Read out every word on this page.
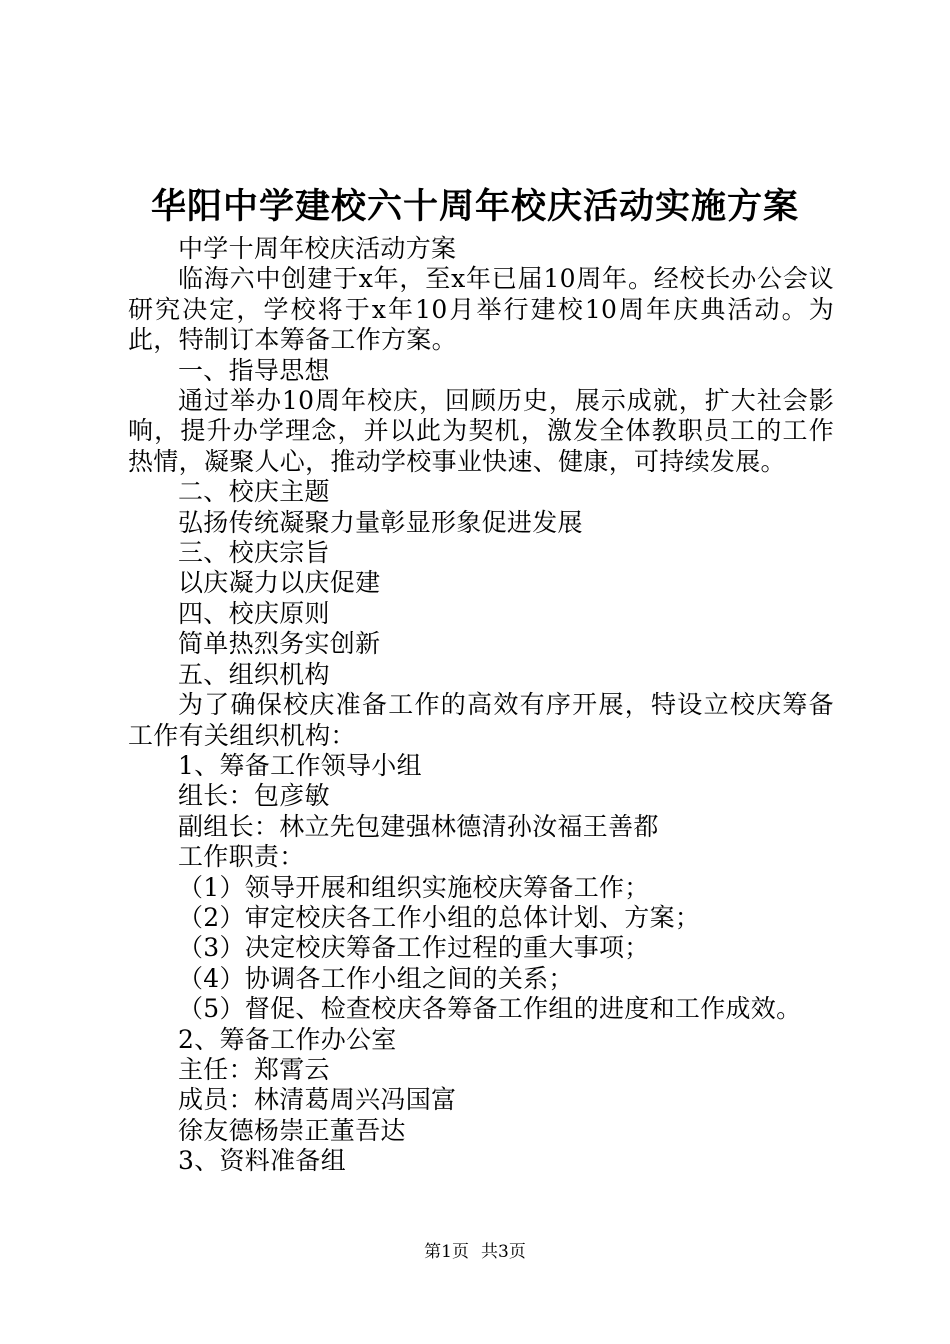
华阳中学建校六十周年校庆活动实施方案

中学十周年校庆活动方案

临海六中创建于x年，至x年已届10周年。经校长办公会议研究决定，学校将于x年10月举行建校10周年庆典活动。为此，特制订本筹备工作方案。

一、指导思想

通过举办10周年校庆，回顾历史，展示成就，扩大社会影响，提升办学理念，并以此为契机，激发全体教职员工的工作热情，凝聚人心，推动学校事业快速、健康，可持续发展。

二、校庆主题

弘扬传统凝聚力量彰显形象促进发展

三、校庆宗旨

以庆凝力以庆促建

四、校庆原则

简单热烈务实创新

五、组织机构

为了确保校庆准备工作的高效有序开展，特设立校庆筹备工作有关组织机构：

1、筹备工作领导小组

组长：包彦敏

副组长：林立先包建强林德清孙汝福王善都

工作职责：

（1）领导开展和组织实施校庆筹备工作；

（2）审定校庆各工作小组的总体计划、方案；

（3）决定校庆筹备工作过程的重大事项；

（4）协调各工作小组之间的关系；

（5）督促、检查校庆各筹备工作组的进度和工作成效。

2、筹备工作办公室

主任：郑霄云

成员：林清葛周兴冯国富

徐友德杨崇正董吾达

3、资料准备组

第1页 共3页
